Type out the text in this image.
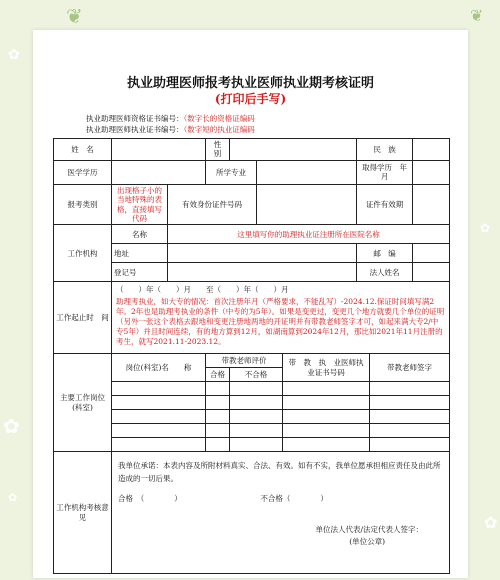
✿
✿
✿
✿
✿
❦	❦
执业助理医师报考执业医师执业期考核证明
(打印后手写)
执业助理医师资格证书编号：（数字长的资格证编码
执业助理医师执业证书编号：（数字短的执业证编码
姓　名			性　别				民　族		
医学学历			所学专业				取得学历　年　　月		
报考类别	出现格子小的当地特殊的表格，直接填写代码	有效身份证件号码					证件有效期		
工作机构	名称	这里填写你的助理执业证注册所在医院名称							
	地址						邮　编		
	登记号						法人姓名		
工作起止时　间	（　　）年（　　）月　　至（　　）年（　　）月
助理考执业，如大专的情况：首次注册年月（严格要求，不能乱写）-2024.12.保证时间填写满2年。2年也是助理考执业的条件（中专的为5年）。如果是变更过，变更几个地方就要几个单位的证明（另外一张这个表格去跟地和变更注册地两地的开证明并有带教老师签字才可，如起来满大专2/中专5年）并且时间连续，有的地方算到12月，如湖南算到2024年12月，那比如2021年11月注册的考生，就写2021.11-2023.12。								

主要工作岗位(科室)	岗位(科室)名　　称		带教老师评价			带　教　执　业医师执业证书号码		带教老师签字	
			合格	不合格					

工作机构考核意见	我单位承诺：本表内容及所附材料真实、合法、有效。如有不实，我单位愿承担相应责任及由此所造成的一切后果。
合格　（　　　　） 不合格（　　　　）
单位法人代表/法定代表人签字：
(单位公章)								
